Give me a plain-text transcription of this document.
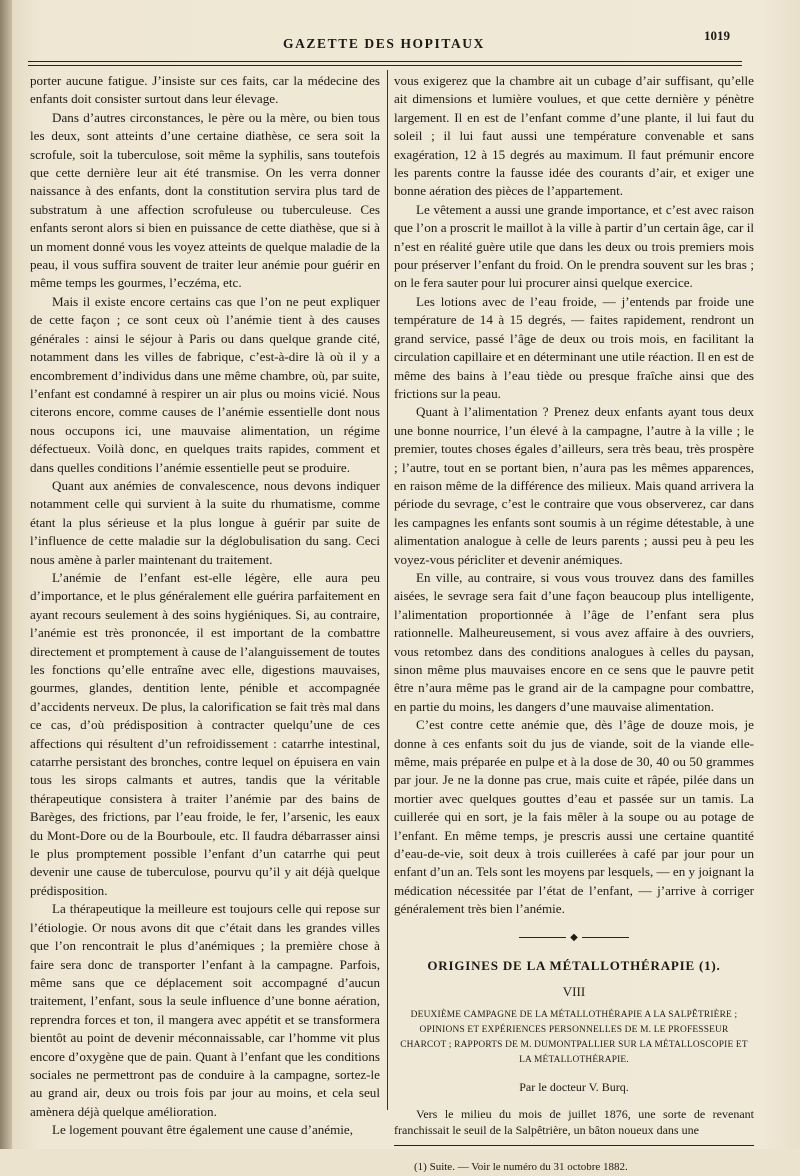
GAZETTE DES HOPITAUX
1019

porter aucune fatigue. J’insiste sur ces faits, car la médecine des enfants doit consister surtout dans leur élevage.

Dans d’autres circonstances, le père ou la mère, ou bien tous les deux, sont atteints d’une certaine diathèse, ce sera soit la scrofule, soit la tuberculose, soit même la syphilis, sans toutefois que cette dernière leur ait été transmise. On les verra donner naissance à des enfants, dont la constitution servira plus tard de substratum à une affection scrofuleuse ou tuberculeuse. Ces enfants seront alors si bien en puissance de cette diathèse, que si à un moment donné vous les voyez atteints de quelque maladie de la peau, il vous suffira souvent de traiter leur anémie pour guérir en même temps les gourmes, l’eczéma, etc.

Mais il existe encore certains cas que l’on ne peut expliquer de cette façon ; ce sont ceux où l’anémie tient à des causes générales : ainsi le séjour à Paris ou dans quelque grande cité, notamment dans les villes de fabrique, c’est-à-dire là où il y a encombrement d’individus dans une même chambre, où, par suite, l’enfant est condamné à respirer un air plus ou moins vicié. Nous citerons encore, comme causes de l’anémie essentielle dont nous nous occupons ici, une mauvaise alimentation, un régime défectueux. Voilà donc, en quelques traits rapides, comment et dans quelles conditions l’anémie essentielle peut se produire.

Quant aux anémies de convalescence, nous devons indiquer notamment celle qui survient à la suite du rhumatisme, comme étant la plus sérieuse et la plus longue à guérir par suite de l’influence de cette maladie sur la déglobulisation du sang. Ceci nous amène à parler maintenant du traitement.

L’anémie de l’enfant est-elle légère, elle aura peu d’importance, et le plus généralement elle guérira parfaitement en ayant recours seulement à des soins hygiéniques. Si, au contraire, l’anémie est très prononcée, il est important de la combattre directement et promptement à cause de l’alanguissement de toutes les fonctions qu’elle entraîne avec elle, digestions mauvaises, gourmes, glandes, dentition lente, pénible et accompagnée d’accidents nerveux. De plus, la calorification se fait très mal dans ce cas, d’où prédisposition à contracter quelqu’une de ces affections qui résultent d’un refroidissement : catarrhe intestinal, catarrhe persistant des bronches, contre lequel on épuisera en vain tous les sirops calmants et autres, tandis que la véritable thérapeutique consistera à traiter l’anémie par des bains de Barèges, des frictions, par l’eau froide, le fer, l’arsenic, les eaux du Mont-Dore ou de la Bourboule, etc. Il faudra débarrasser ainsi le plus promptement possible l’enfant d’un catarrhe qui peut devenir une cause de tuberculose, pourvu qu’il y ait déjà quelque prédisposition.

La thérapeutique la meilleure est toujours celle qui repose sur l’étiologie. Or nous avons dit que c’était dans les grandes villes que l’on rencontrait le plus d’anémiques ; la première chose à faire sera donc de transporter l’enfant à la campagne. Parfois, même sans que ce déplacement soit accompagné d’aucun traitement, l’enfant, sous la seule influence d’une bonne aération, reprendra forces et ton, il mangera avec appétit et se transformera bientôt au point de devenir méconnaissable, car l’homme vit plus encore d’oxygène que de pain. Quant à l’enfant que les conditions sociales ne permettront pas de conduire à la campagne, sortez-le au grand air, deux ou trois fois par jour au moins, et cela seul amènera déjà quelque amélioration.

Le logement pouvant être également une cause d’anémie,

vous exigerez que la chambre ait un cubage d’air suffisant, qu’elle ait dimensions et lumière voulues, et que cette dernière y pénètre largement. Il en est de l’enfant comme d’une plante, il lui faut du soleil ; il lui faut aussi une température convenable et sans exagération, 12 à 15 degrés au maximum. Il faut prémunir encore les parents contre la fausse idée des courants d’air, et exiger une bonne aération des pièces de l’appartement.

Le vêtement a aussi une grande importance, et c’est avec raison que l’on a proscrit le maillot à la ville à partir d’un certain âge, car il n’est en réalité guère utile que dans les deux ou trois premiers mois pour préserver l’enfant du froid. On le prendra souvent sur les bras ; on le fera sauter pour lui procurer ainsi quelque exercice.

Les lotions avec de l’eau froide, — j’entends par froide une température de 14 à 15 degrés, — faites rapidement, rendront un grand service, passé l’âge de deux ou trois mois, en facilitant la circulation capillaire et en déterminant une utile réaction. Il en est de même des bains à l’eau tiède ou presque fraîche ainsi que des frictions sur la peau.

Quant à l’alimentation ? Prenez deux enfants ayant tous deux une bonne nourrice, l’un élevé à la campagne, l’autre à la ville ; le premier, toutes choses égales d’ailleurs, sera très beau, très prospère ; l’autre, tout en se portant bien, n’aura pas les mêmes apparences, en raison même de la différence des milieux. Mais quand arrivera la période du sevrage, c’est le contraire que vous observerez, car dans les campagnes les enfants sont soumis à un régime détestable, à une alimentation analogue à celle de leurs parents ; aussi peu à peu les voyez-vous péricliter et devenir anémiques.

En ville, au contraire, si vous vous trouvez dans des familles aisées, le sevrage sera fait d’une façon beaucoup plus intelligente, l’alimentation proportionnée à l’âge de l’enfant sera plus rationnelle. Malheureusement, si vous avez affaire à des ouvriers, vous retombez dans des conditions analogues à celles du paysan, sinon même plus mauvaises encore en ce sens que le pauvre petit être n’aura même pas le grand air de la campagne pour combattre, en partie du moins, les dangers d’une mauvaise alimentation.

C’est contre cette anémie que, dès l’âge de douze mois, je donne à ces enfants soit du jus de viande, soit de la viande elle-même, mais préparée en pulpe et à la dose de 30, 40 ou 50 grammes par jour. Je ne la donne pas crue, mais cuite et râpée, pilée dans un mortier avec quelques gouttes d’eau et passée sur un tamis. La cuillerée qui en sort, je la fais mêler à la soupe ou au potage de l’enfant. En même temps, je prescris aussi une certaine quantité d’eau-de-vie, soit deux à trois cuillerées à café par jour pour un enfant d’un an. Tels sont les moyens par lesquels, — en y joignant la médication nécessitée par l’état de l’enfant, — j’arrive à corriger généralement très bien l’anémie.

◆
ORIGINES DE LA MÉTALLOTHÉRAPIE (1).
VIII
DEUXIÈME CAMPAGNE DE LA MÉTALLOTHÉRAPIE A LA SALPÊTRIÈRE ; OPINIONS ET EXPÉRIENCES PERSONNELLES DE M. LE PROFESSEUR CHARCOT ; RAPPORTS DE M. DUMONTPALLIER SUR LA MÉTALLOSCOPIE ET LA MÉTALLOTHÉRAPIE.
Par le docteur V. Burq.
Vers le milieu du mois de juillet 1876, une sorte de revenant franchissait le seuil de la Salpêtrière, un bâton noueux dans une
(1) Suite. — Voir le numéro du 31 octobre 1882.
